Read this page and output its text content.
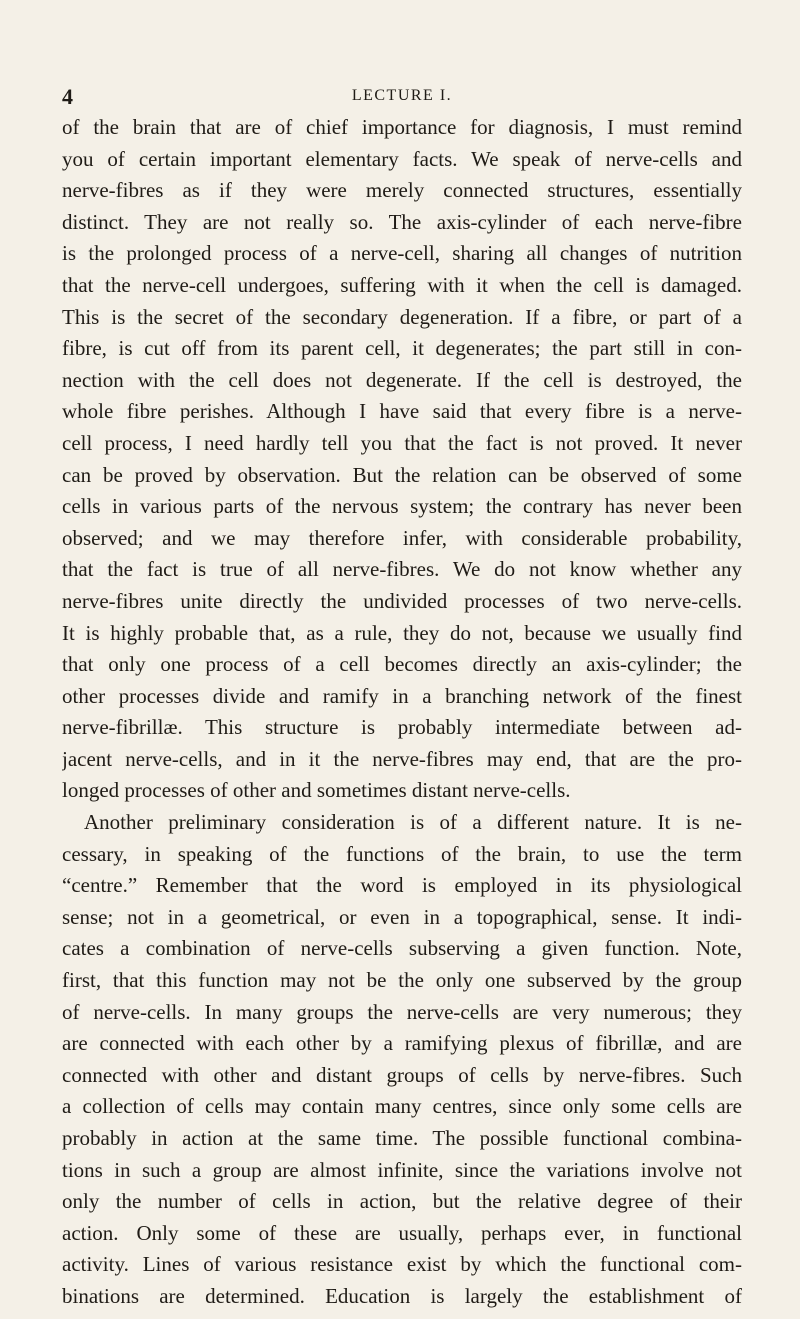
4	LECTURE I.
of the brain that are of chief importance for diagnosis, I must remind
you of certain important elementary facts. We speak of nerve-cells and
nerve-fibres as if they were merely connected structures, essentially
distinct. They are not really so. The axis-cylinder of each nerve-fibre
is the prolonged process of a nerve-cell, sharing all changes of nutrition
that the nerve-cell undergoes, suffering with it when the cell is damaged.
This is the secret of the secondary degeneration. If a fibre, or part of a
fibre, is cut off from its parent cell, it degenerates; the part still in con-
nection with the cell does not degenerate. If the cell is destroyed, the
whole fibre perishes. Although I have said that every fibre is a nerve-
cell process, I need hardly tell you that the fact is not proved. It never
can be proved by observation. But the relation can be observed of some
cells in various parts of the nervous system; the contrary has never been
observed; and we may therefore infer, with considerable probability,
that the fact is true of all nerve-fibres. We do not know whether any
nerve-fibres unite directly the undivided processes of two nerve-cells.
It is highly probable that, as a rule, they do not, because we usually find
that only one process of a cell becomes directly an axis-cylinder; the
other processes divide and ramify in a branching network of the finest
nerve-fibrillæ. This structure is probably intermediate between ad-
jacent nerve-cells, and in it the nerve-fibres may end, that are the pro-
longed processes of other and sometimes distant nerve-cells.
Another preliminary consideration is of a different nature. It is ne-
cessary, in speaking of the functions of the brain, to use the term
“centre.” Remember that the word is employed in its physiological
sense; not in a geometrical, or even in a topographical, sense. It indi-
cates a combination of nerve-cells subserving a given function. Note,
first, that this function may not be the only one subserved by the group
of nerve-cells. In many groups the nerve-cells are very numerous; they
are connected with each other by a ramifying plexus of fibrillæ, and are
connected with other and distant groups of cells by nerve-fibres. Such
a collection of cells may contain many centres, since only some cells are
probably in action at the same time. The possible functional combina-
tions in such a group are almost infinite, since the variations involve not
only the number of cells in action, but the relative degree of their
action. Only some of these are usually, perhaps ever, in functional
activity. Lines of various resistance exist by which the functional com-
binations are determined. Education is largely the establishment of
